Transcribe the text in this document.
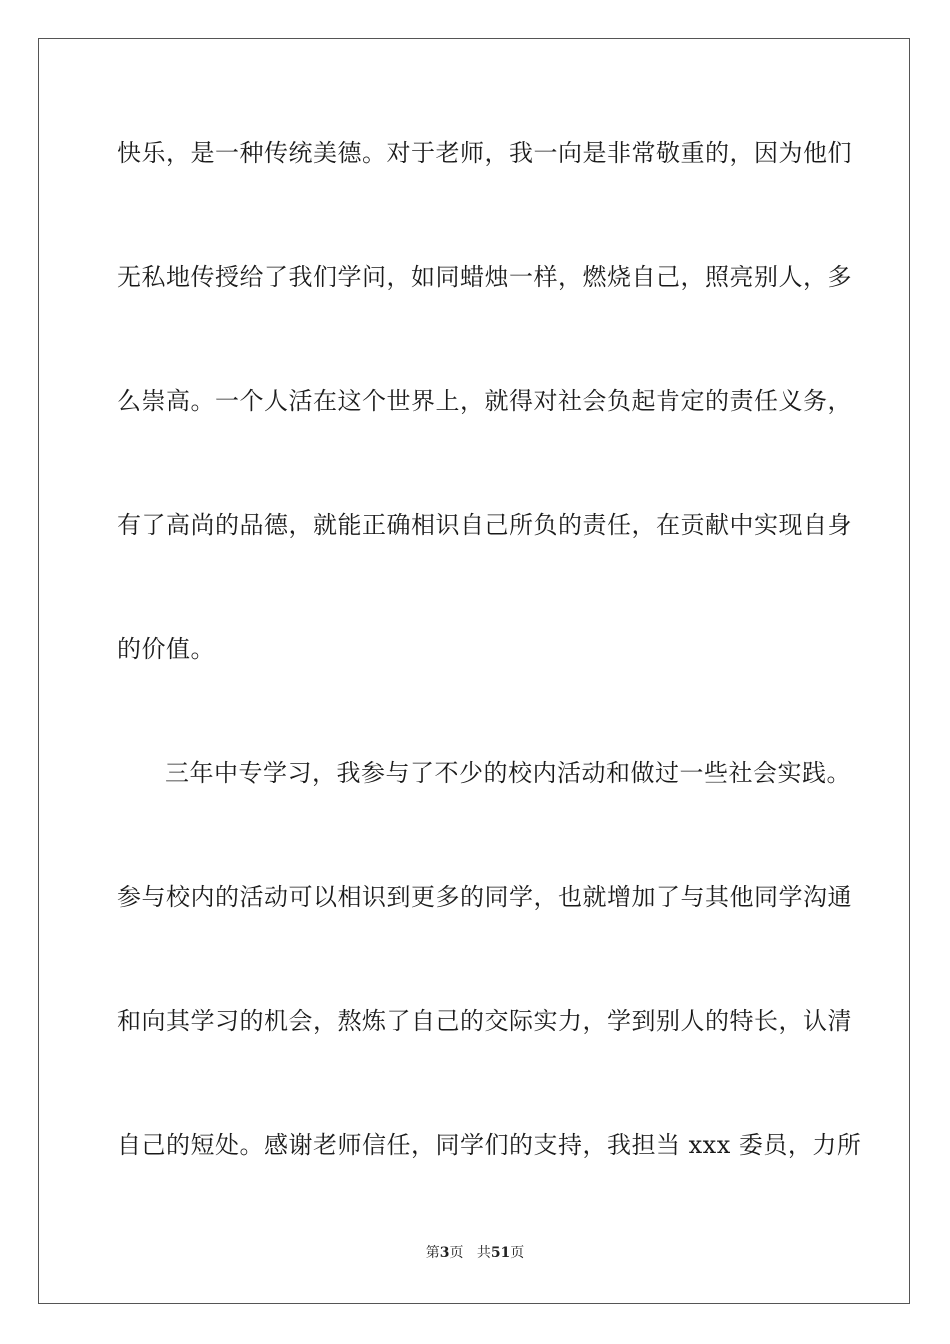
快乐，是一种传统美德。对于老师，我一向是非常敬重的，因为他们
无私地传授给了我们学问，如同蜡烛一样，燃烧自己，照亮别人，多
么崇高。一个人活在这个世界上，就得对社会负起肯定的责任义务，
有了高尚的品德，就能正确相识自己所负的责任，在贡献中实现自身
的价值。
三年中专学习，我参与了不少的校内活动和做过一些社会实践。
参与校内的活动可以相识到更多的同学，也就增加了与其他同学沟通
和向其学习的机会，熬炼了自己的交际实力，学到别人的特长，认清
自己的短处。感谢老师信任，同学们的支持，我担当 xxx 委员，力所
第3页 共51页
